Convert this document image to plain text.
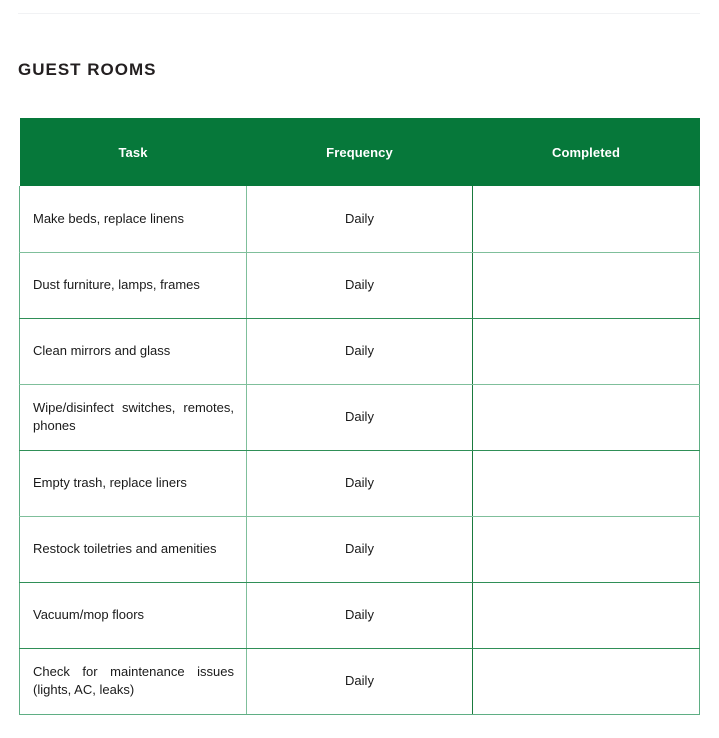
GUEST ROOMS
Task	Frequency	Completed
Make beds, replace linens	Daily	
Dust furniture, lamps, frames	Daily	
Clean mirrors and glass	Daily	
Wipe/disinfect switches, remotes, phones	Daily	
Empty trash, replace liners	Daily	
Restock toiletries and amenities	Daily	
Vacuum/mop floors	Daily	
Check for maintenance issues (lights, AC, leaks)	Daily	
